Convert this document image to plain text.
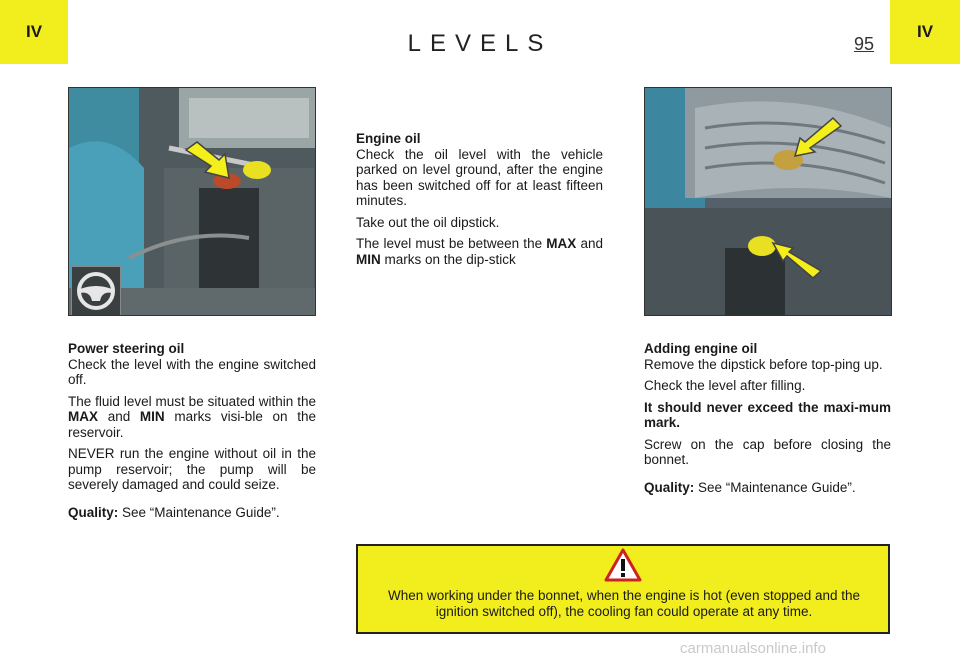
IV	IV
LEVELS	95

Engine oil

Check the oil level with the vehicle parked on level ground, after the engine has been switched off for at least fifteen minutes.

Take out the oil dipstick.

The level must be between the MAX and MIN marks on the dip-stick

Power steering oil

Check the level with the engine switched off.

The fluid level must be situated within the MAX and MIN marks visi-ble on the reservoir.

NEVER run the engine without oil in the pump reservoir; the pump will be severely damaged and could seize.

Quality: See “Maintenance Guide”.

Adding engine oil

Remove the dipstick before top-ping up.

Check the level after filling.

It should never exceed the maxi-mum mark.

Screw on the cap before closing the bonnet.

Quality: See “Maintenance Guide”.

When working under the bonnet, when the engine is hot (even stopped and the ignition switched off), the cooling fan could operate at any time.
carmanualsonline.info
